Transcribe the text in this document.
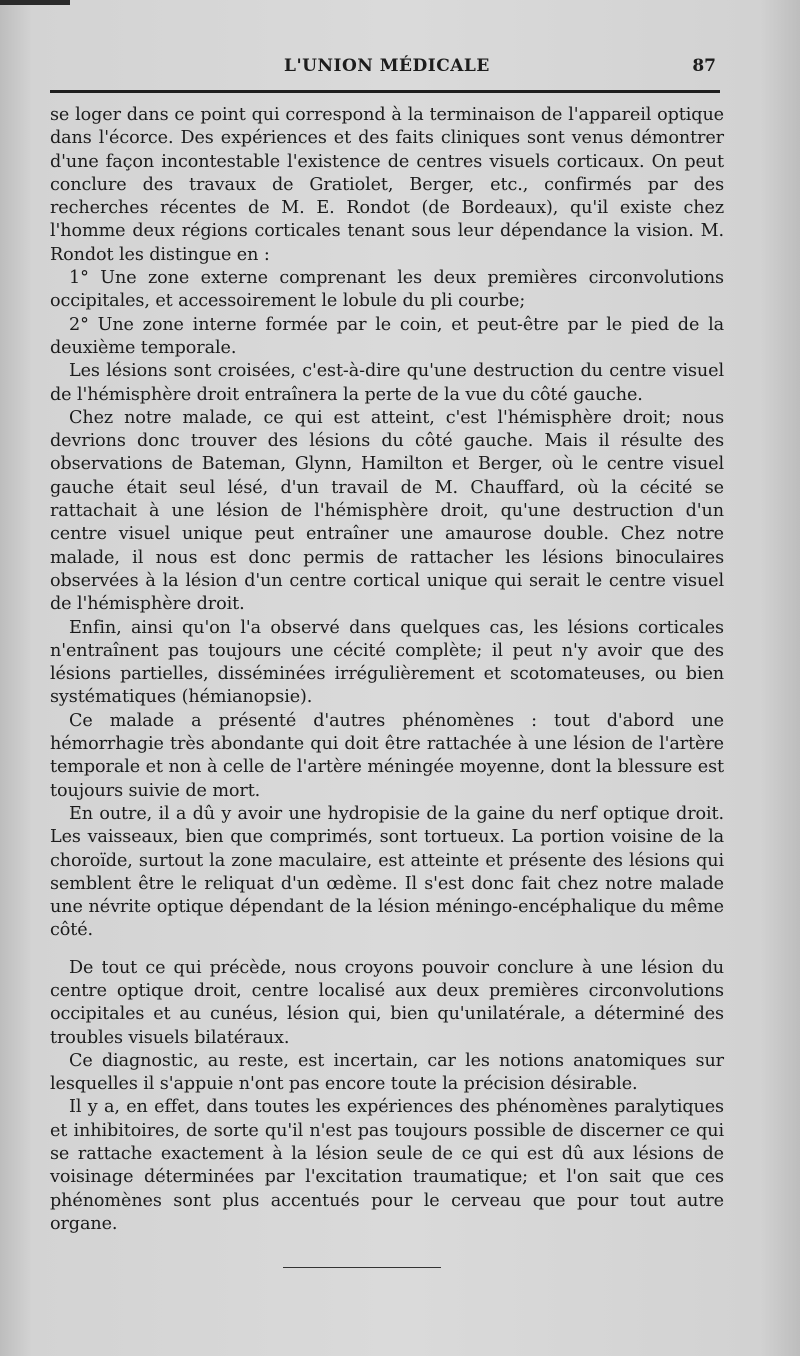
L'UNION MÉDICALE	87

se loger dans ce point qui correspond à la terminaison de l'appareil optique dans l'écorce. Des expériences et des faits cliniques sont venus démontrer d'une façon incontestable l'existence de centres visuels corticaux. On peut conclure des travaux de Gratiolet, Berger, etc., confirmés par des recherches récentes de M. E. Rondot (de Bordeaux), qu'il existe chez l'homme deux régions corticales tenant sous leur dépendance la vision. M. Rondot les distingue en :

1° Une zone externe comprenant les deux premières circonvolutions occipitales, et accessoirement le lobule du pli courbe;

2° Une zone interne formée par le coin, et peut-être par le pied de la deuxième temporale.

Les lésions sont croisées, c'est-à-dire qu'une destruction du centre visuel de l'hémisphère droit entraînera la perte de la vue du côté gauche.

Chez notre malade, ce qui est atteint, c'est l'hémisphère droit; nous devrions donc trouver des lésions du côté gauche. Mais il résulte des observations de Bateman, Glynn, Hamilton et Berger, où le centre visuel gauche était seul lésé, d'un travail de M. Chauffard, où la cécité se rattachait à une lésion de l'hémisphère droit, qu'une destruction d'un centre visuel unique peut entraîner une amaurose double. Chez notre malade, il nous est donc permis de rattacher les lésions binoculaires observées à la lésion d'un centre cortical unique qui serait le centre visuel de l'hémisphère droit.

Enfin, ainsi qu'on l'a observé dans quelques cas, les lésions corticales n'entraînent pas toujours une cécité complète; il peut n'y avoir que des lésions partielles, disséminées irrégulièrement et scotomateuses, ou bien systématiques (hémianopsie).

Ce malade a présenté d'autres phénomènes : tout d'abord une hémorrhagie très abondante qui doit être rattachée à une lésion de l'artère temporale et non à celle de l'artère méningée moyenne, dont la blessure est toujours suivie de mort.

En outre, il a dû y avoir une hydropisie de la gaine du nerf optique droit. Les vaisseaux, bien que comprimés, sont tortueux. La portion voisine de la choroïde, surtout la zone maculaire, est atteinte et présente des lésions qui semblent être le reliquat d'un œdème. Il s'est donc fait chez notre malade une névrite optique dépendant de la lésion méningo-encéphalique du même côté.

De tout ce qui précède, nous croyons pouvoir conclure à une lésion du centre optique droit, centre localisé aux deux premières circonvolutions occipitales et au cunéus, lésion qui, bien qu'unilatérale, a déterminé des troubles visuels bilatéraux.

Ce diagnostic, au reste, est incertain, car les notions anatomiques sur lesquelles il s'appuie n'ont pas encore toute la précision désirable.

Il y a, en effet, dans toutes les expériences des phénomènes paralytiques et inhibitoires, de sorte qu'il n'est pas toujours possible de discerner ce qui se rattache exactement à la lésion seule de ce qui est dû aux lésions de voisinage déterminées par l'excitation traumatique; et l'on sait que ces phénomènes sont plus accentués pour le cerveau que pour tout autre organe.
